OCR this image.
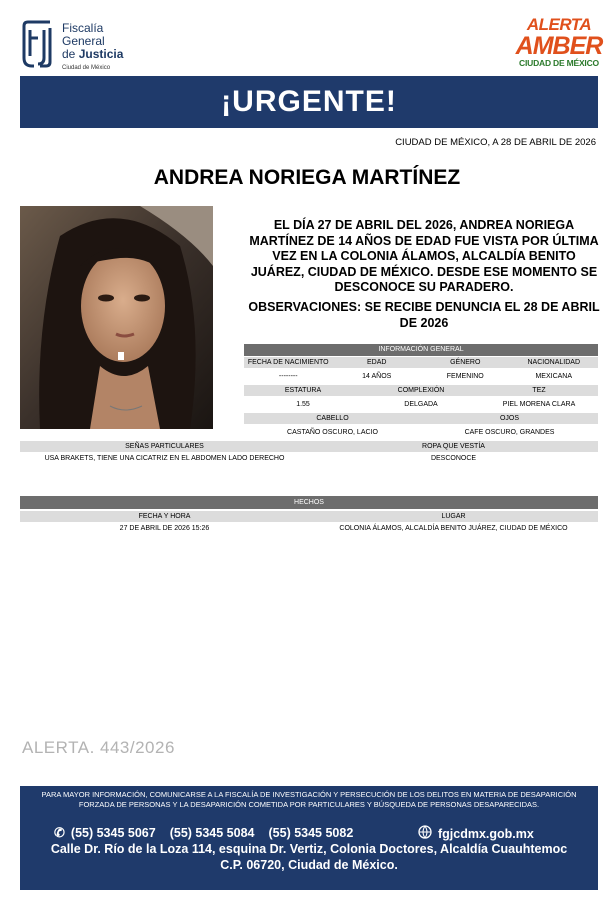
Fiscalía
General
de Justicia
Ciudad de México
ALERTA
AMBER
CIUDAD DE MÉXICO
¡URGENTE!
CIUDAD DE MÉXICO, A 28 DE ABRIL DE 2026
ANDREA NORIEGA MARTÍNEZ
EL DÍA 27 DE ABRIL DEL 2026, ANDREA NORIEGA MARTÍNEZ DE 14 AÑOS DE EDAD FUE VISTA POR ÚLTIMA VEZ EN LA COLONIA ÁLAMOS, ALCALDÍA BENITO JUÁREZ, CIUDAD DE MÉXICO. DESDE ESE MOMENTO SE DESCONOCE SU PARADERO.
OBSERVACIONES: SE RECIBE DENUNCIA EL 28 DE ABRIL DE 2026
INFORMACIÓN GENERAL
FECHA DE NACIMIENTO	EDAD	GÉNERO	NACIONALIDAD
--------	14 AÑOS	FEMENINO	MEXICANA
ESTATURA	COMPLEXIÓN	TEZ
1.55	DELGADA	PIEL MORENA CLARA
CABELLO	OJOS
CASTAÑO OSCURO, LACIO	CAFE OSCURO, GRANDES
SEÑAS PARTICULARES	ROPA QUE VESTÍA
USA BRAKETS, TIENE UNA CICATRIZ EN EL ABDOMEN LADO DERECHO	DESCONOCE
HECHOS
FECHA Y HORA	LUGAR
27 DE ABRIL DE 2026 15:26	COLONIA ÁLAMOS, ALCALDÍA BENITO JUÁREZ, CIUDAD DE MÉXICO
ALERTA. 443/2026
PARA MAYOR INFORMACIÓN, COMUNICARSE A LA FISCALÍA DE INVESTIGACIÓN Y PERSECUCIÓN DE LOS DELITOS EN MATERIA DE DESAPARICIÓN FORZADA DE PERSONAS Y LA DESAPARICIÓN COMETIDA POR PARTICULARES Y BÚSQUEDA DE PERSONAS DESAPARECIDAS.
✆ (55) 5345 5067 (55) 5345 5084 (55) 5345 5082	fgjcdmx.gob.mx
Calle Dr. Río de la Loza 114, esquina Dr. Vertiz, Colonia Doctores, Alcaldía Cuauhtemoc
C.P. 06720, Ciudad de México.
